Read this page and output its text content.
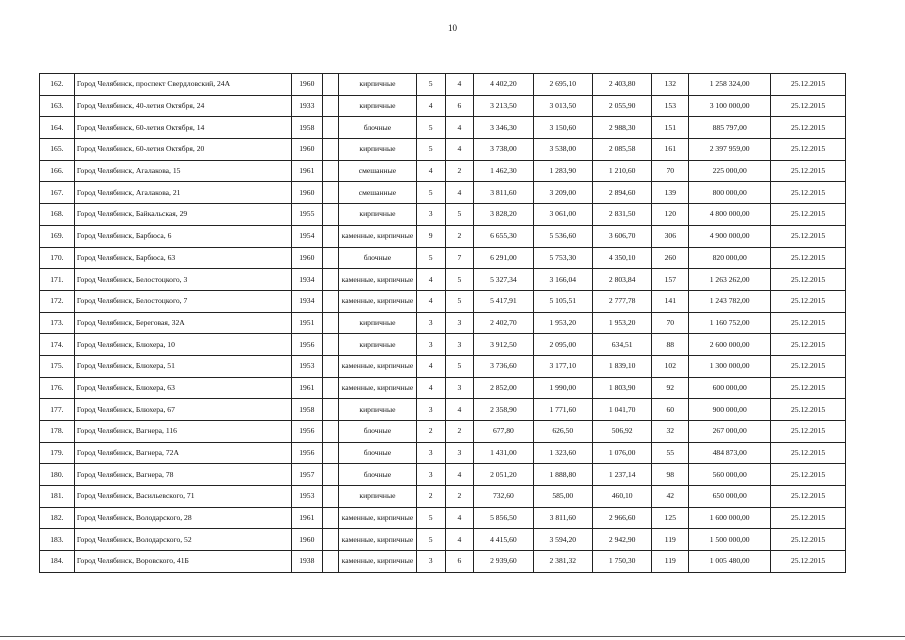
10
162.	Город Челябинск, проспект Свердловский, 24А	1960		кирпичные	5	4	4 402,20	2 695,10	2 403,80	132	1 258 324,00	25.12.2015
163.	Город Челябинск, 40-летия Октября, 24	1933		кирпичные	4	6	3 213,50	3 013,50	2 055,90	153	3 100 000,00	25.12.2015
164.	Город Челябинск, 60-летия Октября, 14	1958		блочные	5	4	3 346,30	3 150,60	2 988,30	151	885 797,00	25.12.2015
165.	Город Челябинск, 60-летия Октября, 20	1960		кирпичные	5	4	3 738,00	3 538,00	2 085,58	161	2 397 959,00	25.12.2015
166.	Город Челябинск, Агалакова, 15	1961		смешанные	4	2	1 462,30	1 283,90	1 210,60	70	225 000,00	25.12.2015
167.	Город Челябинск, Агалакова, 21	1960		смешанные	5	4	3 811,60	3 209,00	2 894,60	139	800 000,00	25.12.2015
168.	Город Челябинск, Байкальская, 29	1955		кирпичные	3	5	3 828,20	3 061,00	2 831,50	120	4 800 000,00	25.12.2015
169.	Город Челябинск, Барбюса, 6	1954		каменные, кирпичные	9	2	6 655,30	5 536,60	3 606,70	306	4 900 000,00	25.12.2015
170.	Город Челябинск, Барбюса, 63	1960		блочные	5	7	6 291,00	5 753,30	4 350,10	260	820 000,00	25.12.2015
171.	Город Челябинск, Белостоцкого, 3	1934		каменные, кирпичные	4	5	5 327,34	3 166,04	2 803,84	157	1 263 262,00	25.12.2015
172.	Город Челябинск, Белостоцкого, 7	1934		каменные, кирпичные	4	5	5 417,91	5 105,51	2 777,78	141	1 243 782,00	25.12.2015
173.	Город Челябинск, Береговая, 32А	1951		кирпичные	3	3	2 402,70	1 953,20	1 953,20	70	1 160 752,00	25.12.2015
174.	Город Челябинск, Блюхера, 10	1956		кирпичные	3	3	3 912,50	2 095,00	634,51	88	2 600 000,00	25.12.2015
175.	Город Челябинск, Блюхера, 51	1953		каменные, кирпичные	4	5	3 736,60	3 177,10	1 839,10	102	1 300 000,00	25.12.2015
176.	Город Челябинск, Блюхера, 63	1961		каменные, кирпичные	4	3	2 852,00	1 990,00	1 803,90	92	600 000,00	25.12.2015
177.	Город Челябинск, Блюхера, 67	1958		кирпичные	3	4	2 358,90	1 771,60	1 041,70	60	900 000,00	25.12.2015
178.	Город Челябинск, Вагнера, 116	1956		блочные	2	2	677,80	626,50	506,92	32	267 000,00	25.12.2015
179.	Город Челябинск, Вагнера, 72А	1956		блочные	3	3	1 431,00	1 323,60	1 076,00	55	484 873,00	25.12.2015
180.	Город Челябинск, Вагнера, 78	1957		блочные	3	4	2 051,20	1 888,80	1 237,14	98	560 000,00	25.12.2015
181.	Город Челябинск, Васильевского, 71	1953		кирпичные	2	2	732,60	585,00	460,10	42	650 000,00	25.12.2015
182.	Город Челябинск, Володарского, 28	1961		каменные, кирпичные	5	4	5 856,50	3 811,60	2 966,60	125	1 600 000,00	25.12.2015
183.	Город Челябинск, Володарского, 52	1960		каменные, кирпичные	5	4	4 415,60	3 594,20	2 942,90	119	1 500 000,00	25.12.2015
184.	Город Челябинск, Воровского, 41Б	1938		каменные, кирпичные	3	6	2 939,60	2 381,32	1 750,30	119	1 005 480,00	25.12.2015
